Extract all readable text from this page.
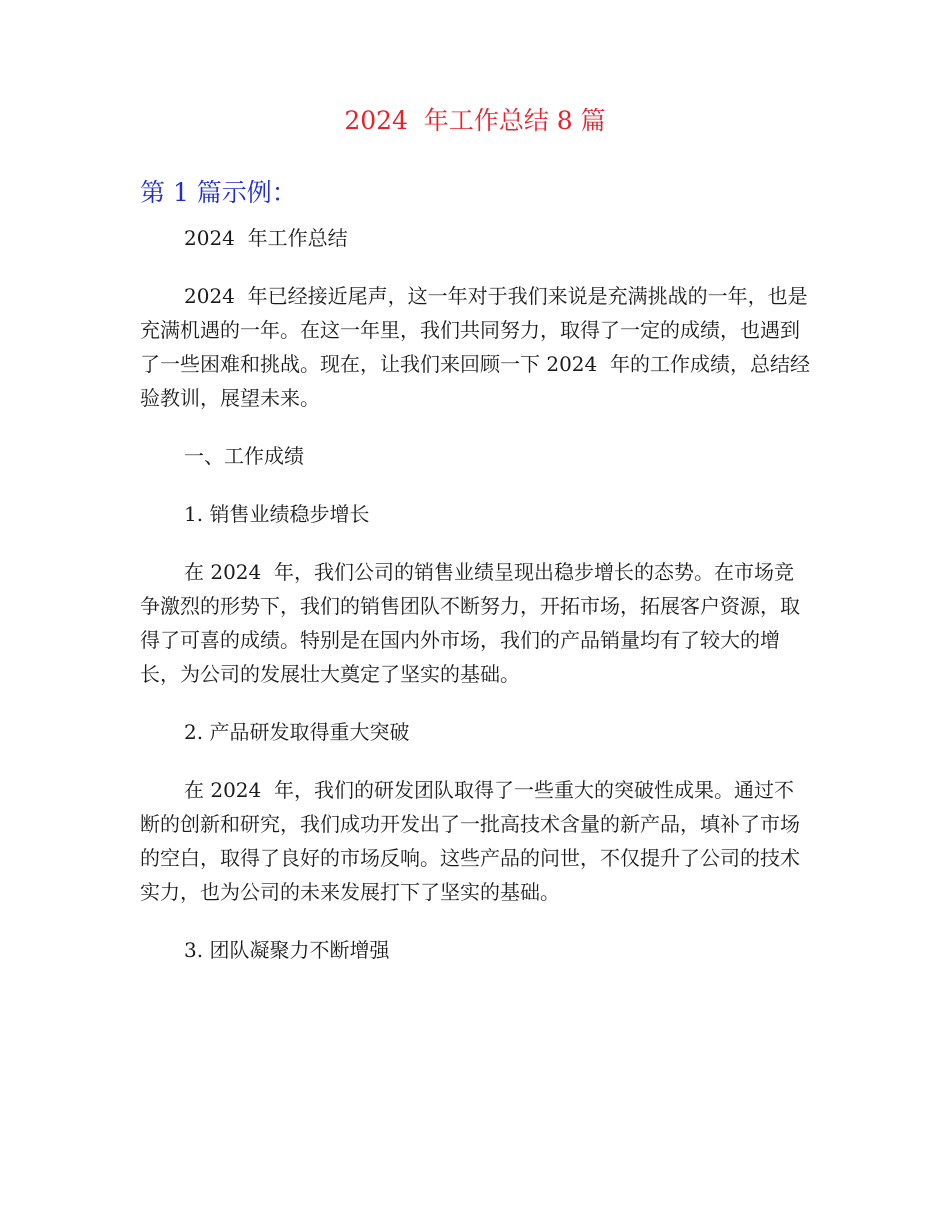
2024  年工作总结 8 篇
第 1 篇示例：

2024  年工作总结

2024  年已经接近尾声，这一年对于我们来说是充满挑战的一年，也是充满机遇的一年。在这一年里，我们共同努力，取得了一定的成绩，也遇到了一些困难和挑战。现在，让我们来回顾一下 2024  年的工作成绩，总结经验教训，展望未来。

一、工作成绩

1. 销售业绩稳步增长

在 2024  年，我们公司的销售业绩呈现出稳步增长的态势。在市场竞争激烈的形势下，我们的销售团队不断努力，开拓市场，拓展客户资源，取得了可喜的成绩。特别是在国内外市场，我们的产品销量均有了较大的增长，为公司的发展壮大奠定了坚实的基础。

2. 产品研发取得重大突破

在 2024  年，我们的研发团队取得了一些重大的突破性成果。通过不断的创新和研究，我们成功开发出了一批高技术含量的新产品，填补了市场的空白，取得了良好的市场反响。这些产品的问世，不仅提升了公司的技术实力，也为公司的未来发展打下了坚实的基础。

3. 团队凝聚力不断增强
